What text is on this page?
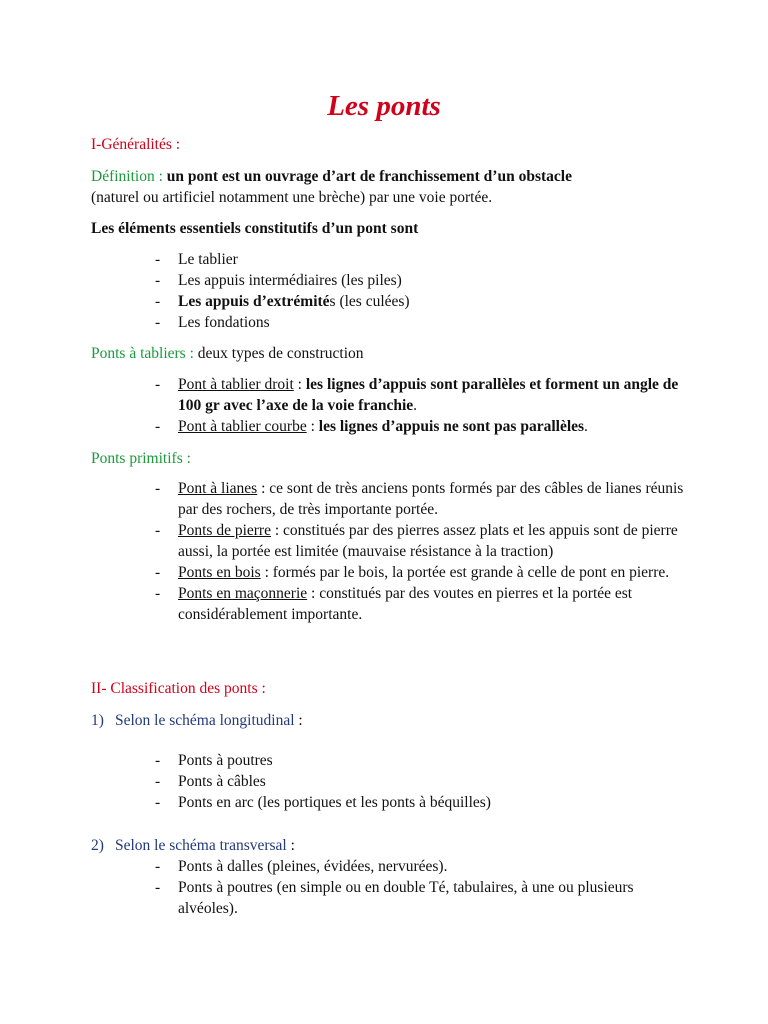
Les ponts
I-Généralités :
Définition : un pont est un ouvrage d’art de franchissement d’un obstacle
(naturel ou artificiel notamment une brèche) par une voie portée.
Les éléments essentiels constitutifs d’un pont sont
- Le tablier
- Les appuis intermédiaires (les piles)
- Les appuis d’extrémités (les culées)
- Les fondations
Ponts à tabliers : deux types de construction
- Pont à tablier droit : les lignes d’appuis sont parallèles et forment un angle de 100 gr avec l’axe de la voie franchie.
- Pont à tablier courbe : les lignes d’appuis ne sont pas parallèles.
Ponts primitifs :
- Pont à lianes : ce sont de très anciens ponts formés par des câbles de lianes réunis par des rochers, de très importante portée.
- Ponts de pierre : constitués par des pierres assez plats et les appuis sont de pierre aussi, la portée est limitée (mauvaise résistance à la traction)
- Ponts en bois : formés par le bois, la portée est grande à celle de pont en pierre.
- Ponts en maçonnerie : constitués par des voutes en pierres et la portée est considérablement importante.
II- Classification des ponts :
1) Selon le schéma longitudinal :
- Ponts à poutres
- Ponts à câbles
- Ponts en arc (les portiques et les ponts à béquilles)
2) Selon le schéma transversal :
- Ponts à dalles (pleines, évidées, nervurées).
- Ponts à poutres (en simple ou en double Té, tabulaires, à une ou plusieurs alvéoles).
